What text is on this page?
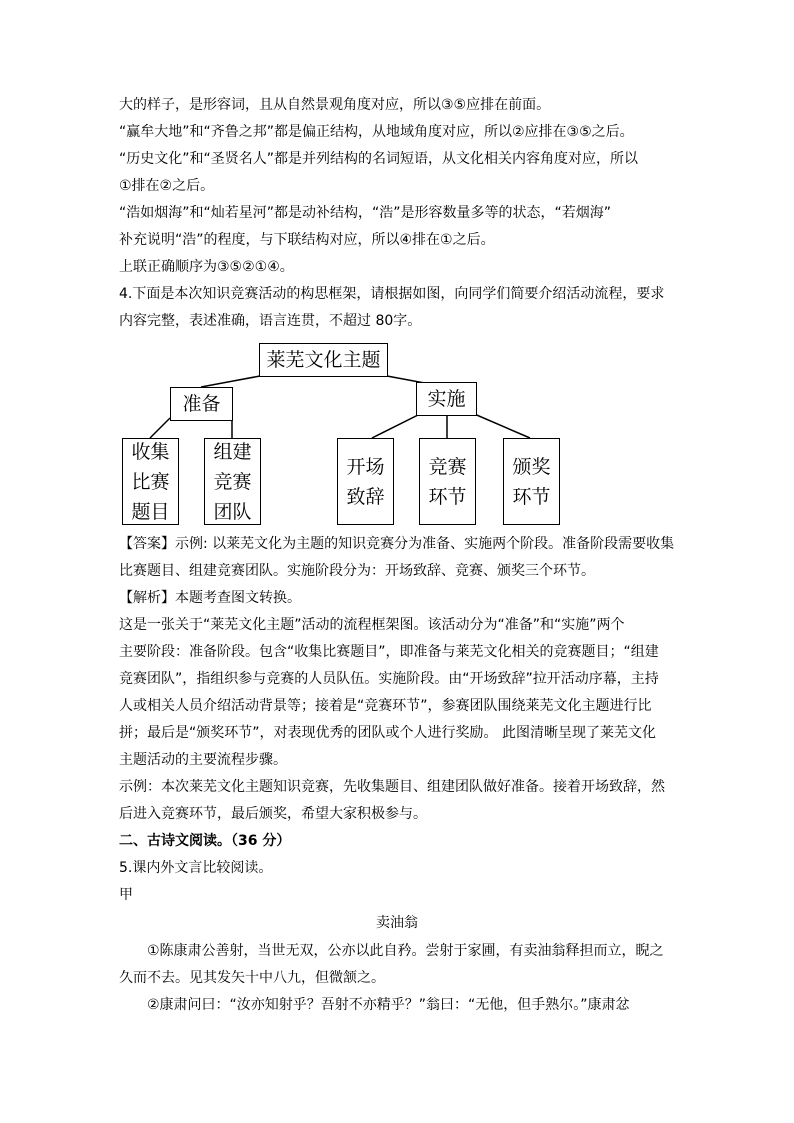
大的样子，是形容词，且从自然景观角度对应，所以③⑤应排在前面。
“赢牟大地”和“齐鲁之邦”都是偏正结构，从地域角度对应，所以②应排在③⑤之后。
“历史文化”和“圣贤名人”都是并列结构的名词短语，从文化相关内容角度对应，所以
①排在②之后。
“浩如烟海”和“灿若星河”都是动补结构，“浩”是形容数量多等的状态，“若烟海”
补充说明“浩”的程度，与下联结构对应，所以④排在①之后。
上联正确顺序为③⑤②①④。
4.下面是本次知识竞赛活动的构思框架，请根据如图，向同学们简要介绍活动流程，要求
内容完整，表述准确，语言连贯，不超过 80字。
莱芜文化主题
准备	实施
收集
比赛
题目
组建
竞赛
团队
开场
致辞
竞赛
环节
颁奖
环节
【答案】示例: 以莱芜文化为主题的知识竞赛分为准备、实施两个阶段。准备阶段需要收集
比赛题目、组建竞赛团队。实施阶段分为：开场致辞、竞赛、颁奖三个环节。
【解析】本题考查图文转换。
这是一张关于“莱芜文化主题”活动的流程框架图。该活动分为“准备”和“实施”两个
主要阶段：准备阶段。包含“收集比赛题目”，即准备与莱芜文化相关的竞赛题目；“组建
竞赛团队”，指组织参与竞赛的人员队伍。实施阶段。由“开场致辞”拉开活动序幕，主持
人或相关人员介绍活动背景等；接着是“竞赛环节”，参赛团队围绕莱芜文化主题进行比
拼；最后是“颁奖环节”，对表现优秀的团队或个人进行奖励。 此图清晰呈现了莱芜文化
主题活动的主要流程步骤。
示例：本次莱芜文化主题知识竞赛，先收集题目、组建团队做好准备。接着开场致辞，然
后进入竞赛环节，最后颁奖，希望大家积极参与。
二、古诗文阅读。（36 分）
5.课内外文言比较阅读。
甲
卖油翁
①陈康肃公善射，当世无双，公亦以此自矜。尝射于家圃，有卖油翁释担而立，睨之
久而不去。见其发矢十中八九，但微颔之。
②康肃问曰：“汝亦知射乎？吾射不亦精乎？”翁曰：“无他，但手熟尔。”康肃忿
